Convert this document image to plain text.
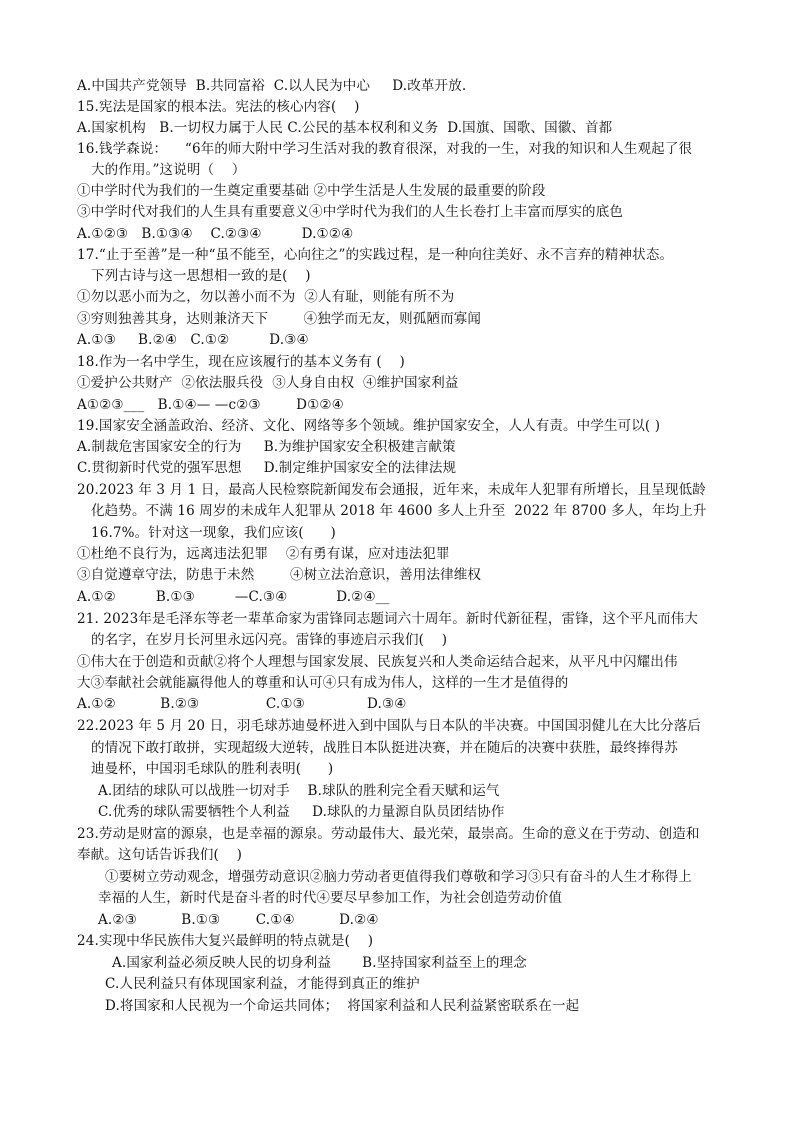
A.中国共产党领导  B.共同富裕  C.以人民为中心     D.改革开放.
15.宪法是国家的根本法。宪法的核心内容(    )
A.国家机构   B.一切权力属于人民 C.公民的基本权利和义务  D.国旗、国歌、国徽、首都
16.钱学森说：    “6年的师大附中学习生活对我的教育很深，对我的一生，对我的知识和人生观起了很
大的作用。”这说明（    ）
①中学时代为我们的一生奠定重要基础 ②中学生活是人生发展的最重要的阶段
③中学时代对我们的人生具有重要意义④中学时代为我们的人生长卷打上丰富而厚实的底色
A.①②③   B.①③④    C.②③④         D.①②④
17.“止于至善”是一种“虽不能至，心向往之”的实践过程，是一种向往美好、永不言弃的精神状态。
下列古诗与这一思想相一致的是(    )
①勿以恶小而为之，勿以善小而不为  ②人有耻，则能有所不为
③穷则独善其身，达则兼济天下        ④独学而无友，则孤陋而寡闻
A.①③     B.②④   C.①②         D.③④
18.作为一名中学生，现在应该履行的基本义务有 (    )
①爱护公共财产  ②依法服兵役  ③人身自由权  ④维护国家利益
A①②③___   B.①④— —c②③        D①②④
19.国家安全涵盖政治、经济、文化、网络等多个领域。维护国家安全，人人有责。中学生可以( )
A.制裁危害国家安全的行为     B.为维护国家安全积极建言献策
C.贯彻新时代党的强军思想     D.制定维护国家安全的法律法规
20.2023 年 3 月 1 日，最高人民检察院新闻发布会通报，近年来，未成年人犯罪有所增长，且呈现低龄
化趋势。不满 16 周岁的未成年人犯罪从 2018 年 4600 多人上升至  2022 年 8700 多人，年均上升
16.7%。针对这一现象，我们应该(      )
①杜绝不良行为，远离违法犯罪    ②有勇有谋，应对违法犯罪
③自觉遵章守法，防患于未然        ④树立法治意识，善用法律维权
A.①②         B.①③         —C.③④           D.②④__
21. 2023年是毛泽东等老一辈革命家为雷锋同志题词六十周年。新时代新征程，雷锋，这个平凡而伟大
的名字，在岁月长河里永远闪亮。雷锋的事迹启示我们(    )
①伟大在于创造和贡献②将个人理想与国家发展、民族复兴和人类命运结合起来，从平凡中闪耀出伟
大③奉献社会就能赢得他人的尊重和认可④只有成为伟人，这样的一生才是值得的
A.①②          B.②③               C.①③              D.③④
22.2023 年 5 月 20 日，羽毛球苏迪曼杯进入到中国队与日本队的半决赛。中国国羽健儿在大比分落后
的情况下敢打敢拼，实现超级大逆转，战胜日本队挺进决赛，并在随后的决赛中获胜，最终捧得苏
迪曼杯，中国羽毛球队的胜利表明(      )
A.团结的球队可以战胜一切对手    B.球队的胜利完全看天赋和运气
C.优秀的球队需要牺牲个人利益     D.球队的力量源自队员团结协作
23.劳动是财富的源泉，也是幸福的源泉。劳动最伟大、最光荣，最崇高。生命的意义在于劳动、创造和
奉献。这句话告诉我们(    )
①要树立劳动观念，增强劳动意识②脑力劳动者更值得我们尊敬和学习③只有奋斗的人生才称得上
幸福的人生，新时代是奋斗者的时代④要尽早参加工作，为社会创造劳动价值
A.②③          B.①③        C.①④          D.②④
24.实现中华民族伟大复兴最鲜明的特点就是(    )
A.国家利益必须反映人民的切身利益       B.坚持国家利益至上的理念
C.人民利益只有体现国家利益，才能得到真正的维护
D.将国家和人民视为一个命运共同体；  将国家利益和人民利益紧密联系在一起
